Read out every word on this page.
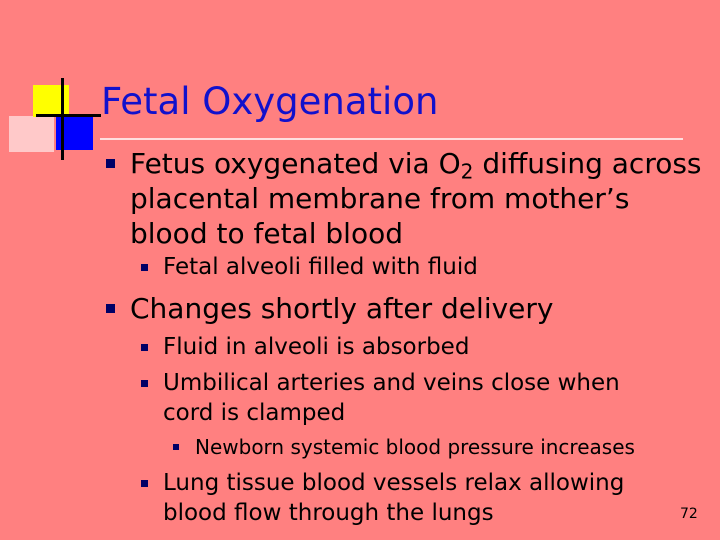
Fetal Oxygenation
Fetus oxygenated via $O_2$ diffusing across
placental membrane from mother’s
blood to fetal blood
Fetal alveoli filled with fluid
Changes shortly after delivery
Fluid in alveoli is absorbed
Umbilical arteries and veins close when
cord is clamped
Newborn systemic blood pressure increases
Lung tissue blood vessels relax allowing
blood flow through the lungs	72
